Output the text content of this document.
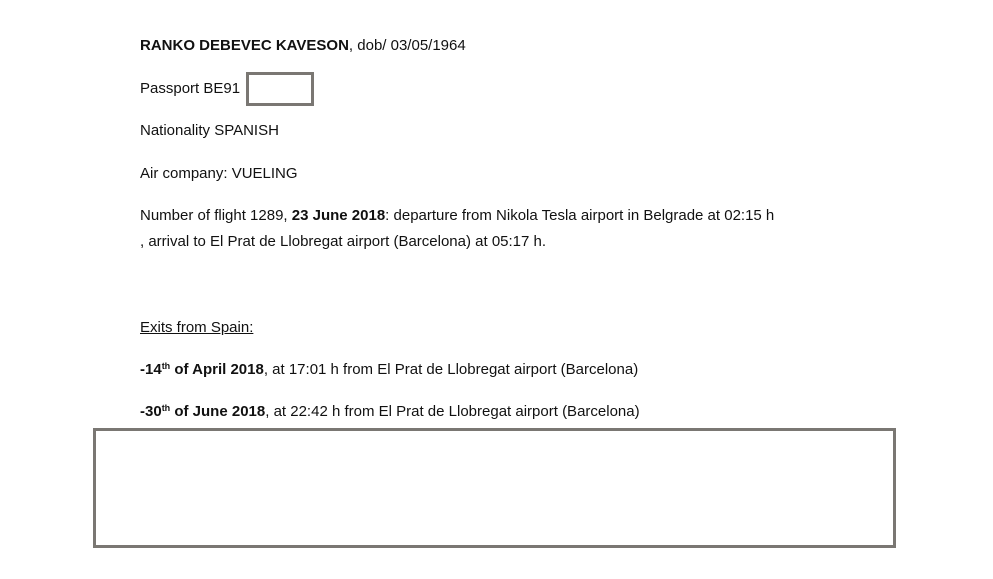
RANKO DEBEVEC KAVESON, dob/ 03/05/1964
Passport BE91
Nationality SPANISH
Air company: VUELING
Number of flight 1289, 23 June 2018: departure from Nikola Tesla airport in Belgrade at 02:15 h
, arrival to El Prat de Llobregat airport (Barcelona) at 05:17 h.
Exits from Spain:
-14th of April 2018, at 17:01 h from El Prat de Llobregat airport (Barcelona)
-30th of June 2018, at 22:42 h from El Prat de Llobregat airport (Barcelona)
